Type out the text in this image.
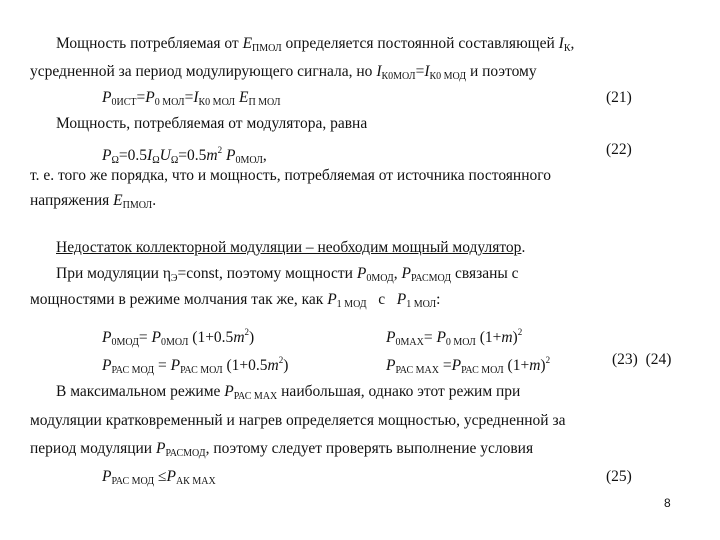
Мощность потребляемая от $E_{ПМОЛ}$ определяется постоянной составляющей $I_К$,
усредненной за период модулирующего сигнала, но $I_{К0МОЛ}=I_{К0 МОД}$ и поэтому
$P_{0ИСТ}=P_{0 МОЛ}=I_{К0 МОЛ}$ $E_{П МОЛ}$	(21)
Мощность, потребляемая от модулятора, равна
$P_\Omega=0.5I_\Omega U_\Omega=0.5m^2$ $P_{0МОЛ}$,	(22)
т. е. того же порядка, что и мощность, потребляемая от источника постоянного
напряжения $E_{ПМОЛ}$.
Недостаток коллекторной модуляции – необходим мощный модулятор.
При модуляции $\eta_Э=const$, поэтому мощности $P_{0МОД}$, $P_{РАСМОД}$ связаны с
мощностями в режиме молчания так же, как $P_{1 МОД}$   с   $P_{1 МОЛ}$:
$P_{0МОД}= P_{0МОЛ}$ $(1+0.5m^2)$	$P_{0MAX}= P_{0 МОЛ}$ $(1+m)^2$
$P_{РАС МОД} = P_{РАС МОЛ}$ $(1+0.5m^2)$	$P_{РАС MAX} =P_{РАС МОЛ}$ $(1+m)^2$	(23)  (24)
В максимальном режиме $P_{РАС MAX}$ наибольшая, однако этот режим при
модуляции кратковременный и нагрев определяется мощностью, усредненной за
период модуляции $P_{РАСМОД}$, поэтому следует проверять выполнение условия
$P_{РАС МОД} \le P_{АК MAX}$	(25)
8
